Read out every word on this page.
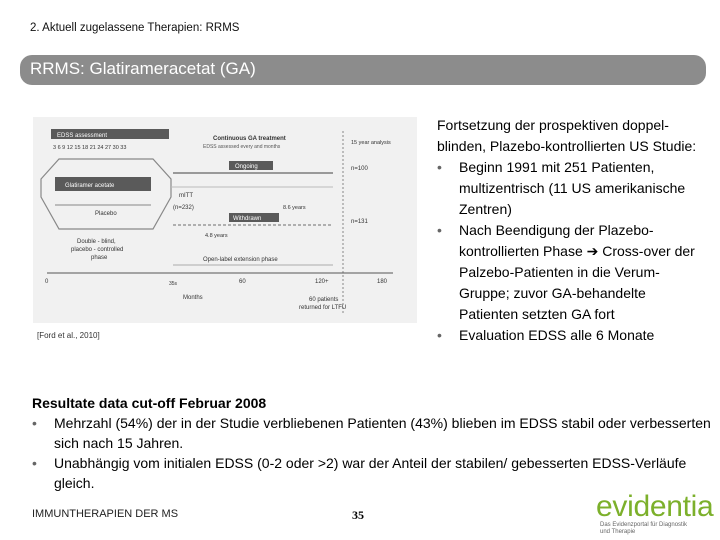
2. Aktuell zugelassene Therapien: RRMS
RRMS: Glatirameracetat (GA)
EDSS assessment
3 6 9 12 15 18 21 24 27 30 33
Continuous GA treatment
EDSS assessed every and months
15 year analysis
Glatiramer acetate
Placebo
Ongoing	n=100
mITT
(n=232)	8.6 years
Withdrawn	n=131
4.8 years
Double - blind,
placebo - controlled
phase	Open-label extension phase
0	35s	60	120+	180
Months	60 patients
returned for LTFU
[Ford et al., 2010]
Fortsetzung der prospektiven doppel-blinden, Plazebo-kontrollierten US Studie:
• Beginn 1991 mit 251 Patienten, multizentrisch (11 US amerikanische Zentren)
• Nach Beendigung der Plazebo-kontrollierten Phase ➔ Cross-over der Palzebo-Patienten in die Verum-Gruppe; zuvor GA-behandelte Patienten setzten GA fort
• Evaluation EDSS alle 6 Monate
Resultate data cut-off Februar 2008
• Mehrzahl (54%) der in der Studie verbliebenen Patienten (43%) blieben im EDSS stabil oder verbesserten sich nach 15 Jahren.
• Unabhängig vom initialen EDSS (0-2 oder >2) war der Anteil der stabilen/ gebesserten EDSS-Verläufe gleich.
IMMUNTHERAPIEN DER MS	35	evidentia
Das Evidenzportal für Diagnostik
und Therapie
